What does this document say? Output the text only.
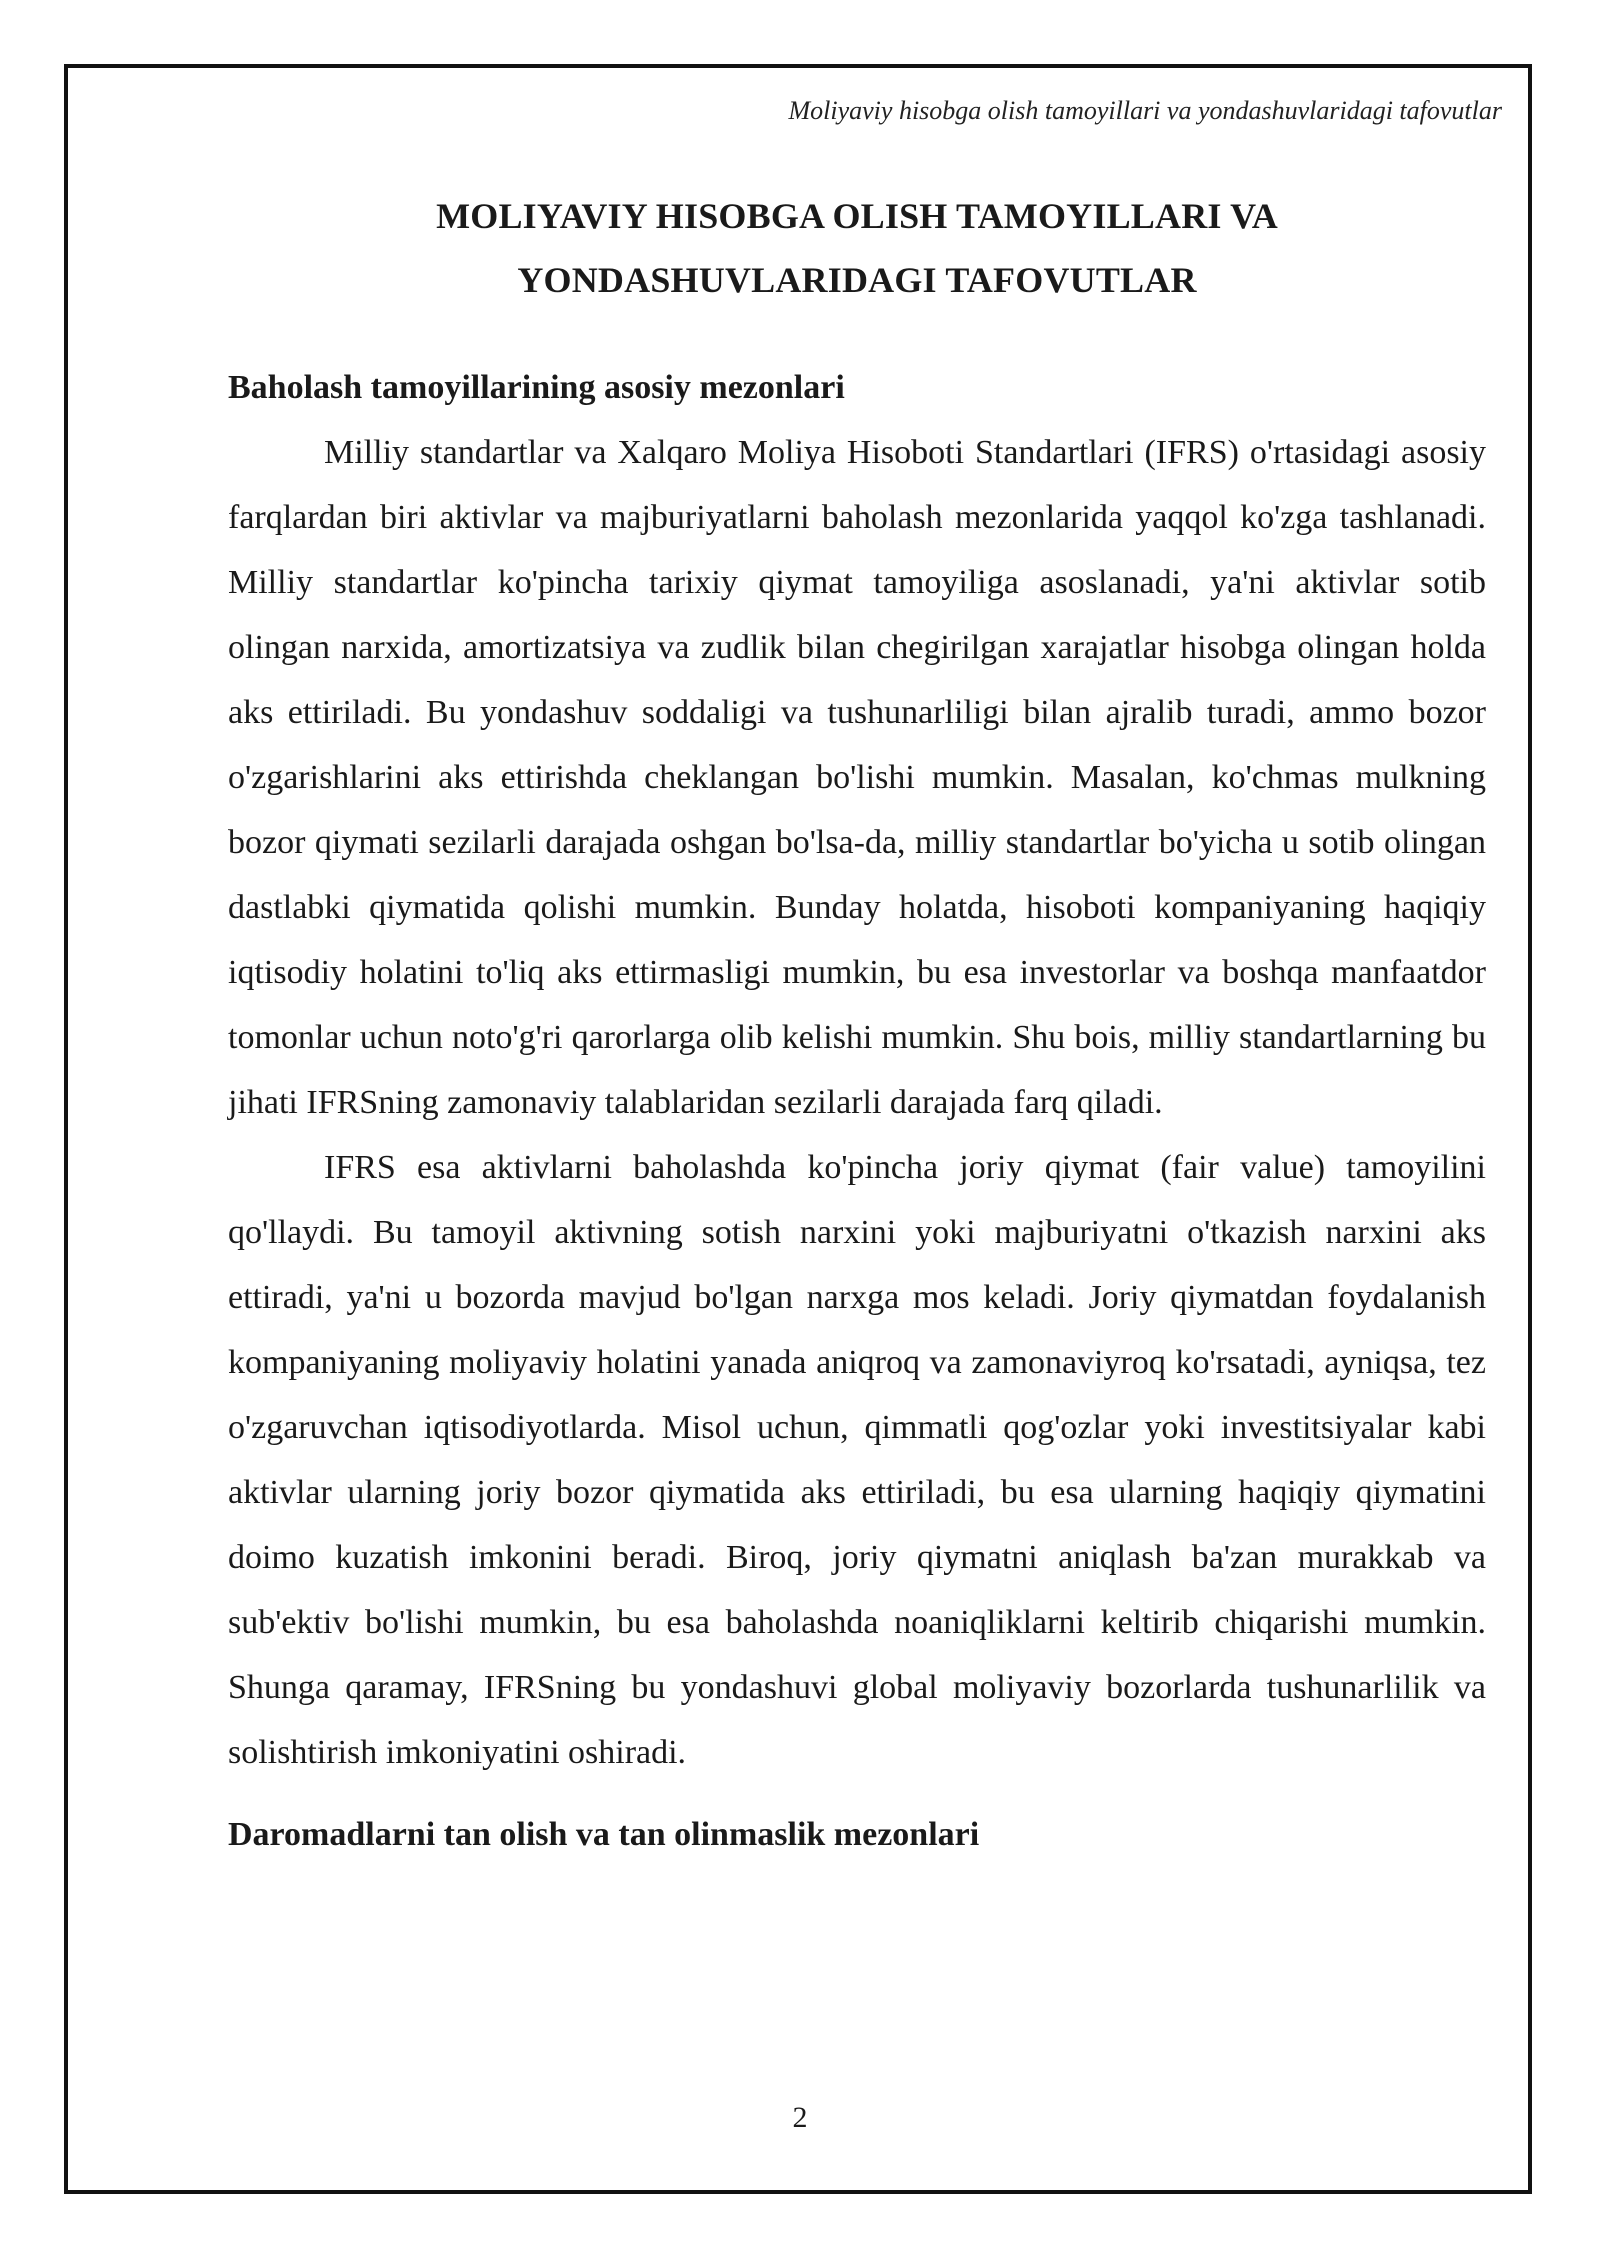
Moliyaviy hisobga olish tamoyillari va yondashuvlaridagi tafovutlar
MOLIYAVIY HISOBGA OLISH TAMOYILLARI VA
YONDASHUVLARIDAGI TAFOVUTLAR
Baholash tamoyillarining asosiy mezonlari

Milliy standartlar va Xalqaro Moliya Hisoboti Standartlari (IFRS) o'rtasidagi asosiy farqlardan biri aktivlar va majburiyatlarni baholash mezonlarida yaqqol ko'zga tashlanadi. Milliy standartlar ko'pincha tarixiy qiymat tamoyiliga asoslanadi, ya'ni aktivlar sotib olingan narxida, amortizatsiya va zudlik bilan chegirilgan xarajatlar hisobga olingan holda aks ettiriladi. Bu yondashuv soddaligi va tushunarliligi bilan ajralib turadi, ammo bozor o'zgarishlarini aks ettirishda cheklangan bo'lishi mumkin. Masalan, ko'chmas mulkning bozor qiymati sezilarli darajada oshgan bo'lsa-da, milliy standartlar bo'yicha u sotib olingan dastlabki qiymatida qolishi mumkin. Bunday holatda, hisoboti kompaniyaning haqiqiy iqtisodiy holatini to'liq aks ettirmasligi mumkin, bu esa investorlar va boshqa manfaatdor tomonlar uchun noto'g'ri qarorlarga olib kelishi mumkin. Shu bois, milliy standartlarning bu jihati IFRSning zamonaviy talablaridan sezilarli darajada farq qiladi.

IFRS esa aktivlarni baholashda ko'pincha joriy qiymat (fair value) tamoyilini qo'llaydi. Bu tamoyil aktivning sotish narxini yoki majburiyatni o'tkazish narxini aks ettiradi, ya'ni u bozorda mavjud bo'lgan narxga mos keladi. Joriy qiymatdan foydalanish kompaniyaning moliyaviy holatini yanada aniqroq va zamonaviyroq ko'rsatadi, ayniqsa, tez o'zgaruvchan iqtisodiyotlarda. Misol uchun, qimmatli qog'ozlar yoki investitsiyalar kabi aktivlar ularning joriy bozor qiymatida aks ettiriladi, bu esa ularning haqiqiy qiymatini doimo kuzatish imkonini beradi. Biroq, joriy qiymatni aniqlash ba'zan murakkab va sub'ektiv bo'lishi mumkin, bu esa baholashda noaniqliklarni keltirib chiqarishi mumkin. Shunga qaramay, IFRSning bu yondashuvi global moliyaviy bozorlarda tushunarlilik va solishtirish imkoniyatini oshiradi.

Daromadlarni tan olish va tan olinmaslik mezonlari
2
